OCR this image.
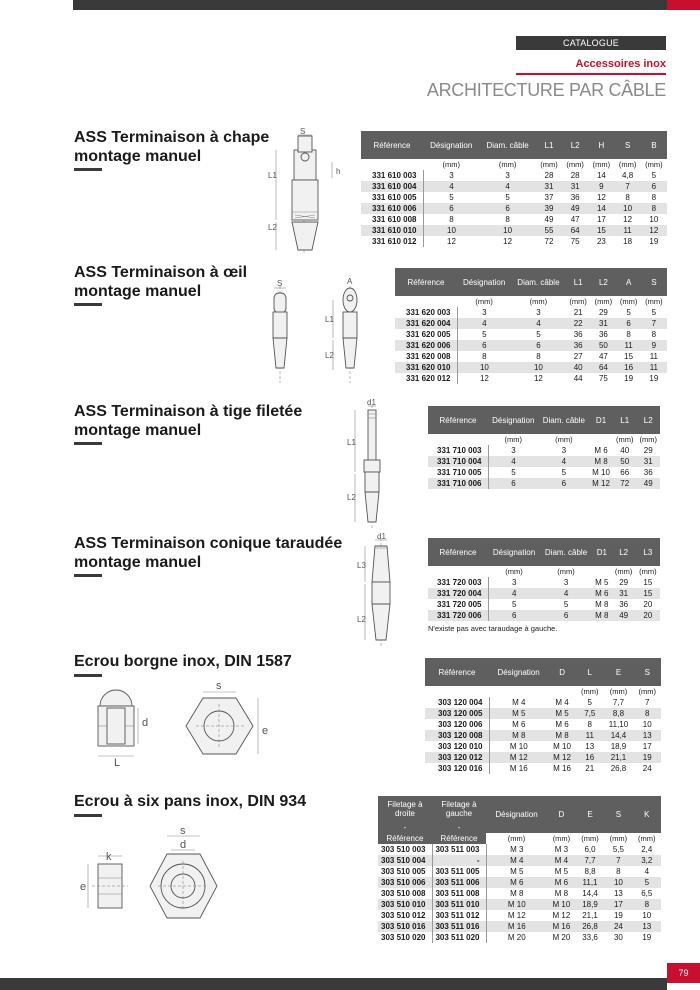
CATALOGUE
Accessoires inox
ARCHITECTURE PAR CÂBLE
ASS Terminaison à chape
montage manuel
S
L1
L2
h
Référence	Désignation	Diam. câble	L1	L2	H	S	B
	(mm)	(mm)	(mm)	(mm)	(mm)	(mm)	(mm)
331 610 003	3	3	28	28	14	4,8	5
331 610 004	4	4	31	31	9	7	6
331 610 005	5	5	37	36	12	8	8
331 610 006	6	6	39	49	14	10	8
331 610 008	8	8	49	47	17	12	10
331 610 010	10	10	55	64	15	11	12
331 610 012	12	12	72	75	23	18	19
ASS Terminaison à œil
montage manuel	S	A
L1
L2
Référence	Désignation	Diam. câble	L1	L2	A	S
	(mm)	(mm)	(mm)	(mm)	(mm)	(mm)
331 620 003	3	3	21	29	5	5
331 620 004	4	4	22	31	6	7
331 620 005	5	5	36	36	8	8
331 620 006	6	6	36	50	11	9
331 620 008	8	8	27	47	15	11
331 620 010	10	10	40	64	16	11
331 620 012	12	12	44	75	19	19
ASS Terminaison à tige filetée
montage manuel
d1
L1
L2
Référence	Désignation	Diam. câble	D1	L1	L2
	(mm)	(mm)		(mm)	(mm)
331 710 003	3	3	M 6	40	29
331 710 004	4	4	M 8	50	31
331 710 005	5	5	M 10	66	36
331 710 006	6	6	M 12	72	49
ASS Terminaison conique taraudée
montage manuel
d1
L3
L2
Référence	Désignation	Diam. câble	D1	L2	L3
	(mm)	(mm)		(mm)	(mm)
331 720 003	3	3	M 5	29	15
331 720 004	4	4	M 6	31	15
331 720 005	5	5	M 8	36	20
331 720 006	6	6	M 8	49	20
N'existe pas avec taraudage à gauche.
Ecrou borgne inox, DIN 1587
s
d
e
L
Référence	Désignation	D	L	E	S
			(mm)	(mm)	(mm)
303 120 004	M 4	M 4	5	7,7	7
303 120 005	M 5	M 5	7,5	8,8	8
303 120 006	M 6	M 6	8	11,10	10
303 120 008	M 8	M 8	11	14,4	13
303 120 010	M 10	M 10	13	18,9	17
303 120 012	M 12	M 12	16	21,1	19
303 120 016	M 16	M 16	21	26,8	24
Ecrou à six pans inox, DIN 934
s
d
k
e
Filetage à droite	Filetage à gauche	Désignation	D	E	S	K
-	-					
Référence	Référence	(mm)	(mm)	(mm)	(mm)	(mm)
303 510 003	303 511 003	M 3	M 3	6,0	5,5	2,4
303 510 004	-	M 4	M 4	7,7	7	3,2
303 510 005	303 511 005	M 5	M 5	8,8	8	4
303 510 006	303 511 006	M 6	M 6	11,1	10	5
303 510 008	303 511 008	M 8	M 8	14,4	13	6,5
303 510 010	303 511 010	M 10	M 10	18,9	17	8
303 510 012	303 511 012	M 12	M 12	21,1	19	10
303 510 016	303 511 016	M 16	M 16	26,8	24	13
303 510 020	303 511 020	M 20	M 20	33,6	30	19
79
